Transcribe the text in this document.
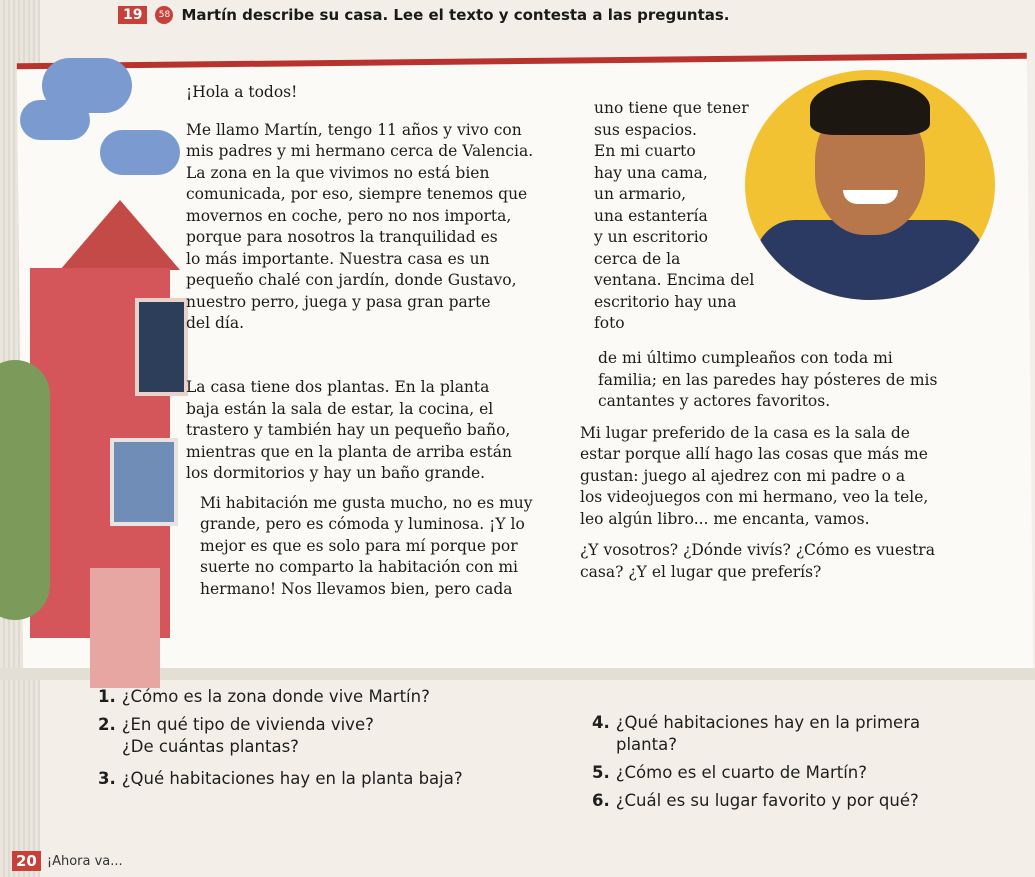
19	58 Martín describe su casa. Lee el texto y contesta a las preguntas.

¡Hola a todos!

Me llamo Martín, tengo 11 años y vivo con
mis padres y mi hermano cerca de Valencia.
La zona en la que vivimos no está bien
comunicada, por eso, siempre tenemos que
movernos en coche, pero no nos importa,
porque para nosotros la tranquilidad es
lo más importante. Nuestra casa es un
pequeño chalé con jardín, donde Gustavo,
nuestro perro, juega y pasa gran parte
del día.

La casa tiene dos plantas. En la planta
baja están la sala de estar, la cocina, el
trastero y también hay un pequeño baño,
mientras que en la planta de arriba están
los dormitorios y hay un baño grande.

Mi habitación me gusta mucho, no es muy
grande, pero es cómoda y luminosa. ¡Y lo
mejor es que es solo para mí porque por
suerte no comparto la habitación con mi
hermano! Nos llevamos bien, pero cada

uno tiene que tener
sus espacios.
En mi cuarto
hay una cama,
un armario,
una estantería
y un escritorio
cerca de la
ventana. Encima del
escritorio hay una foto

de mi último cumpleaños con toda mi
familia; en las paredes hay pósteres de mis
cantantes y actores favoritos.

Mi lugar preferido de la casa es la sala de
estar porque allí hago las cosas que más me
gustan: juego al ajedrez con mi padre o a
los videojuegos con mi hermano, veo la tele,
leo algún libro... me encanta, vamos.

¿Y vosotros? ¿Dónde vivís? ¿Cómo es vuestra
casa? ¿Y el lugar que preferís?

1. ¿Cómo es la zona donde vive Martín?
2. ¿En qué tipo de vivienda vive?
¿De cuántas plantas?
3. ¿Qué habitaciones hay en la planta baja?
4. ¿Qué habitaciones hay en la primera
planta?
5. ¿Cómo es el cuarto de Martín?
6. ¿Cuál es su lugar favorito y por qué?
20 ¡Ahora va...
